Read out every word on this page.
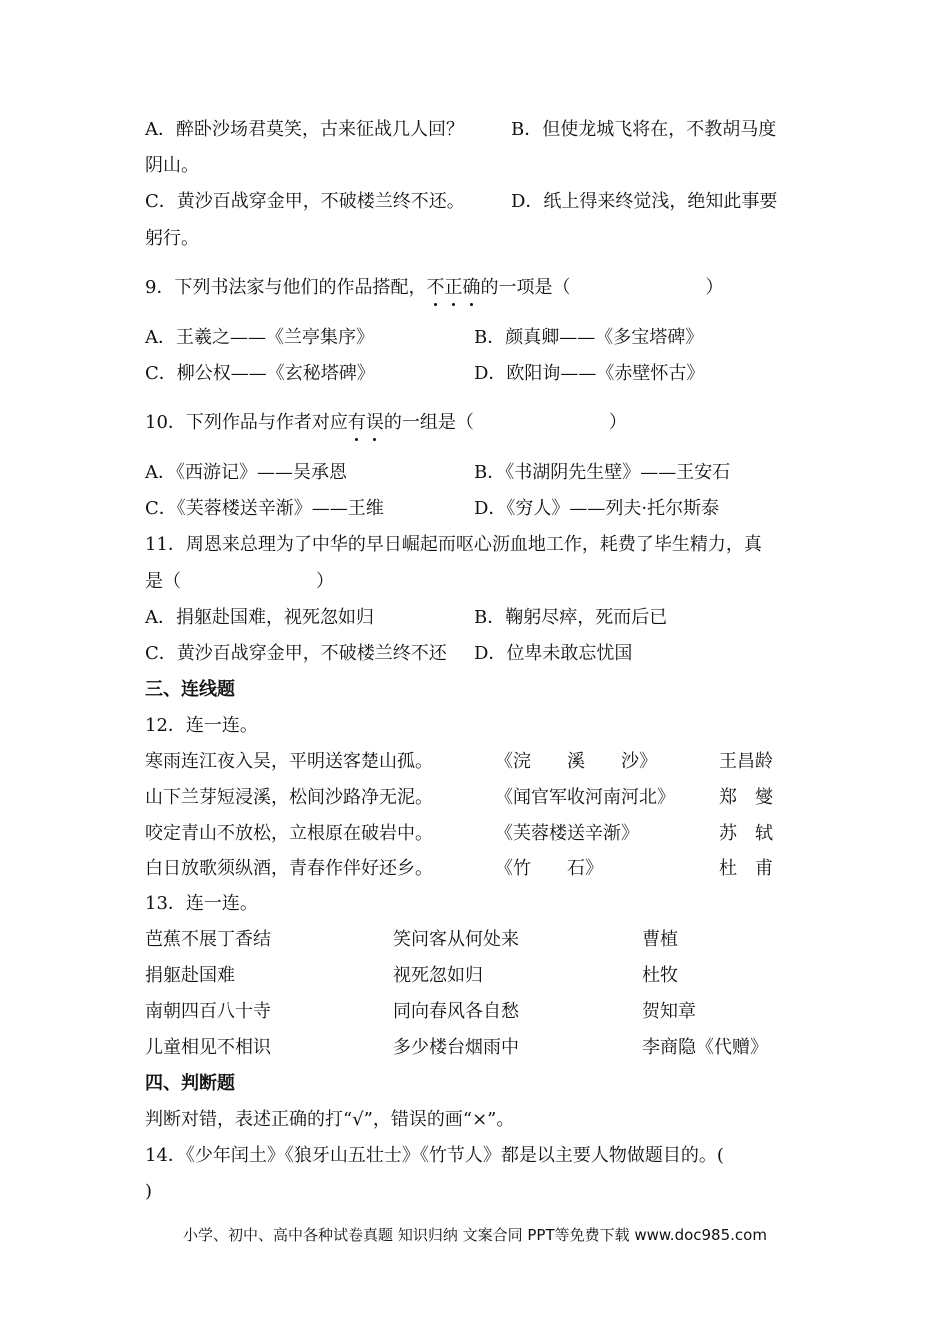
A．醉卧沙场君莫笑，古来征战几人回？	B．但使龙城飞将在，不教胡马度
阴山。
C．黄沙百战穿金甲，不破楼兰终不还。	D．纸上得来终觉浅，绝知此事要
躬行。
9．下列书法家与他们的作品搭配，不正确的一项是（	）
A．王羲之——《兰亭集序》	B．颜真卿——《多宝塔碑》
C．柳公权——《玄秘塔碑》	D．欧阳询——《赤壁怀古》
10．下列作品与作者对应有误的一组是（	）
A．《西游记》——吴承恩	B．《书湖阴先生壁》——王安石
C．《芙蓉楼送辛渐》——王维	D．《穷人》——列夫·托尔斯泰
11．周恩来总理为了中华的早日崛起而呕心沥血地工作，耗费了毕生精力，真
是（	）
A．捐躯赴国难，视死忽如归	B．鞠躬尽瘁，死而后已
C．黄沙百战穿金甲，不破楼兰终不还 D．位卑未敢忘忧国
三、连线题
12．连一连。
寒雨连江夜入吴，平明送客楚山孤。	《浣　　溪　　沙》	王昌龄
山下兰芽短浸溪，松间沙路净无泥。	《闻官军收河南河北》 郑　燮
咬定青山不放松，立根原在破岩中。	《芙蓉楼送辛渐》	苏　轼
白日放歌须纵酒，青春作伴好还乡。	《竹　　石》	杜　甫
13．连一连。
芭蕉不展丁香结	笑问客从何处来	曹植
捐躯赴国难	视死忽如归	杜牧
南朝四百八十寺	同向春风各自愁	贺知章
儿童相见不相识	多少楼台烟雨中	李商隐《代赠》
四、判断题
判断对错，表述正确的打“√”，错误的画“×”。
14．《少年闰土》《狼牙山五壮士》《竹节人》都是以主要人物做题目的。(
)
小学、初中、高中各种试卷真题 知识归纳 文案合同 PPT等免费下载 www.doc985.com
